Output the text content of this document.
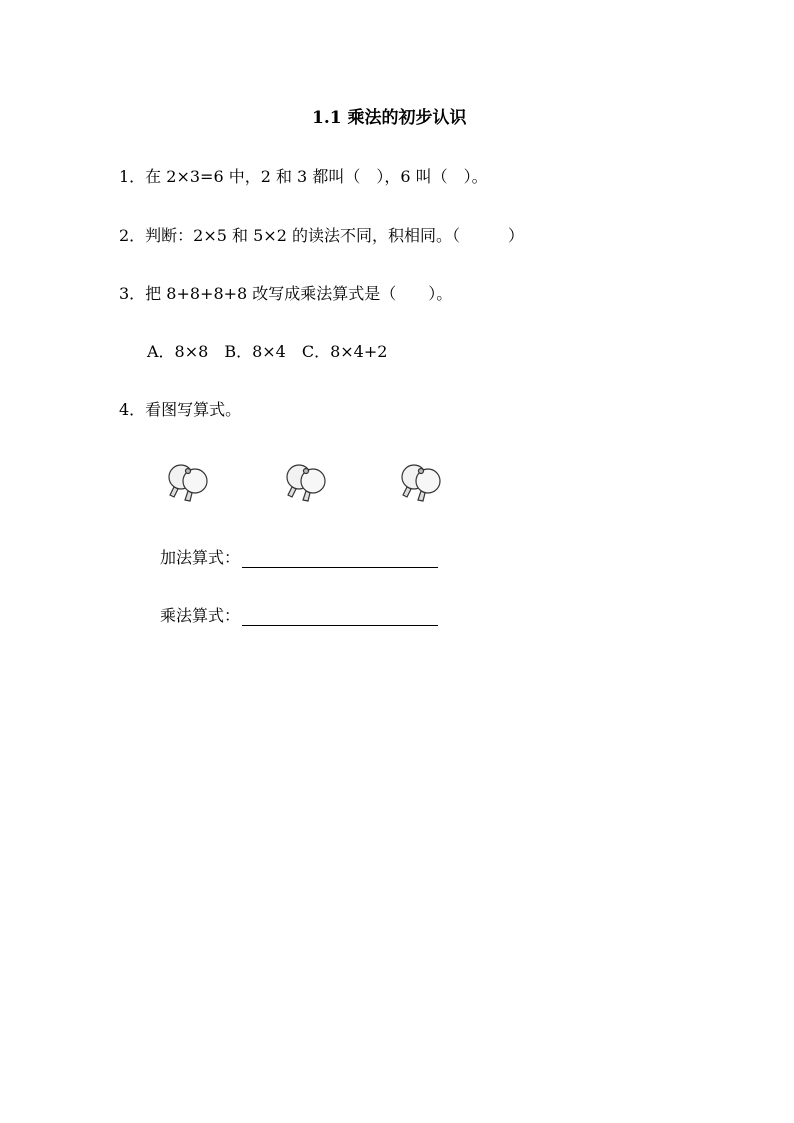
1.1 乘法的初步认识
1．在 2×3=6 中，2 和 3 都叫（　），6 叫（　）。
2．判断：2×5 和 5×2 的读法不同，积相同。（　　　）
3．把 8+8+8+8 改写成乘法算式是（　　）。
A．8×8　B．8×4　C．8×4+2
4．看图写算式。
加法算式：
乘法算式：
